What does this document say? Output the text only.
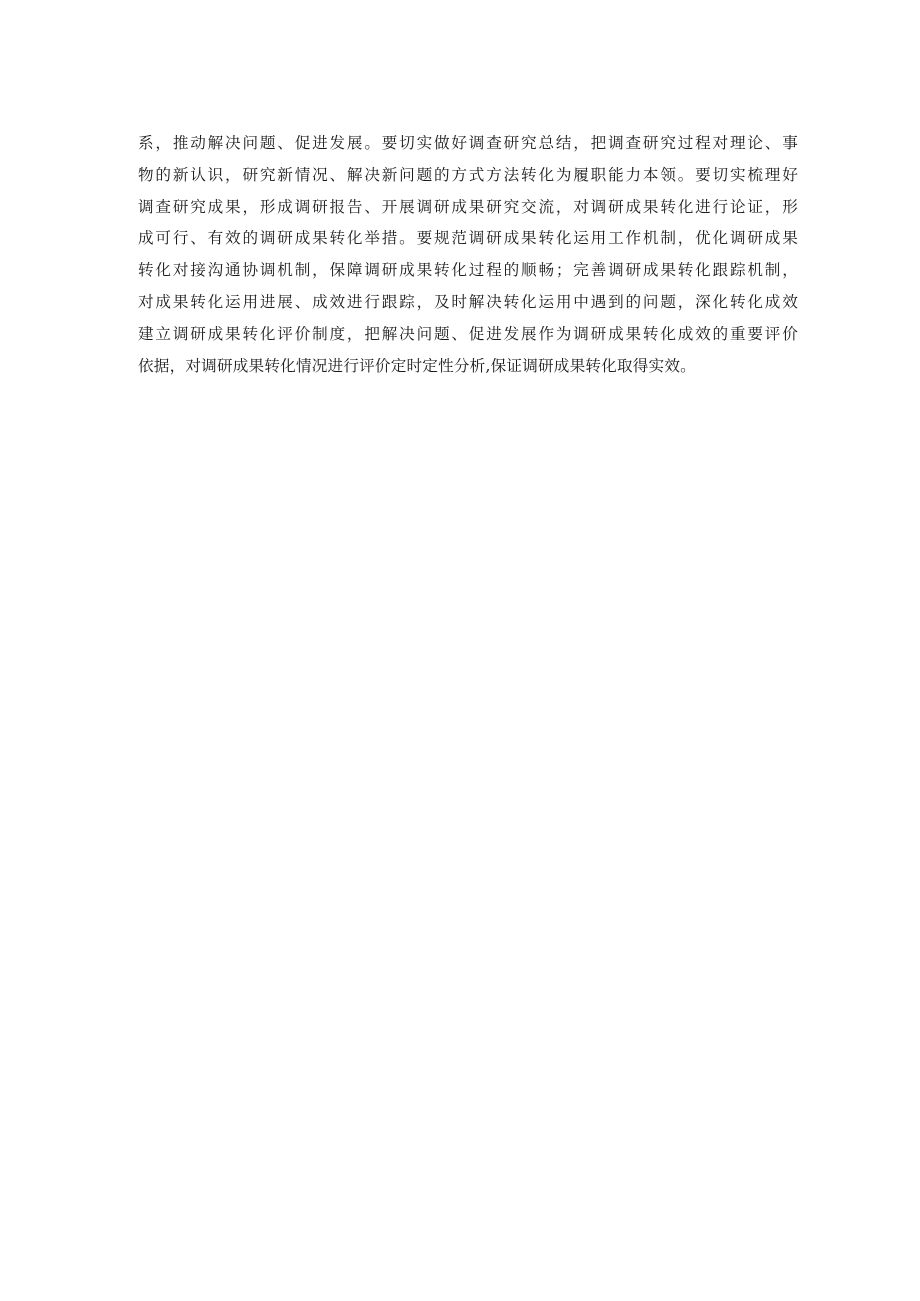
系，推动解决问题、促进发展。要切实做好调查研究总结，把调查研究过程对理论、事
物的新认识，研究新情况、解决新问题的方式方法转化为履职能力本领。要切实梳理好
调查研究成果，形成调研报告、开展调研成果研究交流，对调研成果转化进行论证，形
成可行、有效的调研成果转化举措。要规范调研成果转化运用工作机制，优化调研成果
转化对接沟通协调机制，保障调研成果转化过程的顺畅；完善调研成果转化跟踪机制，
对成果转化运用进展、成效进行跟踪，及时解决转化运用中遇到的问题，深化转化成效
建立调研成果转化评价制度，把解决问题、促进发展作为调研成果转化成效的重要评价
依据，对调研成果转化情况进行评价定时定性分析,保证调研成果转化取得实效。
